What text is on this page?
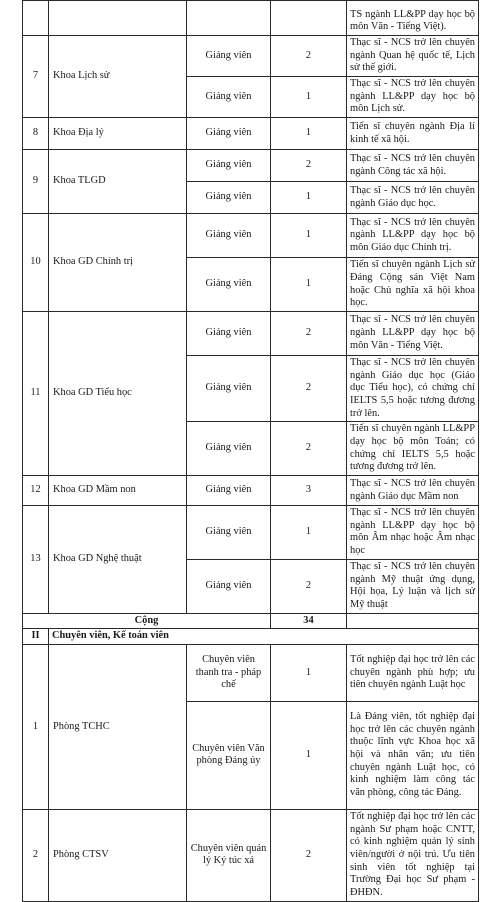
				TS ngành LL&PP dạy học bộ môn Văn - Tiếng Việt).
7	Khoa Lịch sử	Giảng viên	2	Thạc sĩ - NCS trở lên chuyên ngành Quan hệ quốc tế, Lịch sử thế giới.
		Giảng viên	1	Thạc sĩ - NCS trở lên chuyên ngành LL&PP dạy học bộ môn Lịch sử.
8	Khoa Địa lý	Giảng viên	1	Tiến sĩ chuyên ngành Địa lí kinh tế xã hội.
9	Khoa TLGD	Giảng viên	2	Thạc sĩ - NCS trở lên chuyên ngành Công tác xã hội.
		Giảng viên	1	Thạc sĩ - NCS trở lên chuyên ngành Giáo dục học.
10	Khoa GD Chính trị	Giảng viên	1	Thạc sĩ - NCS trở lên chuyên ngành LL&PP dạy học bộ môn Giáo dục Chính trị.
		Giảng viên	1	Tiến sĩ chuyên ngành Lịch sử Đảng Cộng sản Việt Nam hoặc Chủ nghĩa xã hội khoa học.
11	Khoa GD Tiểu học	Giảng viên	2	Thạc sĩ - NCS trở lên chuyên ngành LL&PP dạy học bộ môn Văn - Tiếng Việt.
		Giảng viên	2	Thạc sĩ - NCS trở lên chuyên ngành Giáo dục học (Giáo dục Tiểu học), có chứng chỉ IELTS 5,5 hoặc tương đương trở lên.
		Giảng viên	2	Tiến sĩ chuyên ngành LL&PP dạy học bộ môn Toán; có chứng chỉ IELTS 5,5 hoặc tương đương trở lên.
12	Khoa GD Mầm non	Giảng viên	3	Thạc sĩ - NCS trở lên chuyên ngành Giáo dục Mầm non
13	Khoa GD Nghệ thuật	Giảng viên	1	Thạc sĩ - NCS trở lên chuyên ngành LL&PP dạy học bộ môn Âm nhạc hoặc Âm nhạc học
		Giảng viên	2	Thạc sĩ - NCS trở lên chuyên ngành Mỹ thuật ứng dụng, Hội họa, Lý luận và lịch sử Mỹ thuật
Cộng			34	
II	Chuyên viên, Kế toán viên			
1	Phòng TCHC	Chuyên viên thanh tra - pháp chế	1	Tốt nghiệp đại học trở lên các chuyên ngành phù hợp; ưu tiên chuyên ngành Luật học
		Chuyên viên Văn phòng Đảng ủy	1	Là Đảng viên, tốt nghiệp đại học trở lên các chuyên ngành thuộc lĩnh vực Khoa học xã hội và nhân văn; ưu tiên chuyên ngành Luật học, có kinh nghiệm làm công tác văn phòng, công tác Đảng.
2	Phòng CTSV	Chuyên viên quản lý Ký túc xá	2	Tốt nghiệp đại học trở lên các ngành Sư phạm hoặc CNTT, có kinh nghiệm quản lý sinh viên/người ở nội trú. Ưu tiên sinh viên tốt nghiệp tại Trường Đại học Sư phạm - ĐHĐN.
